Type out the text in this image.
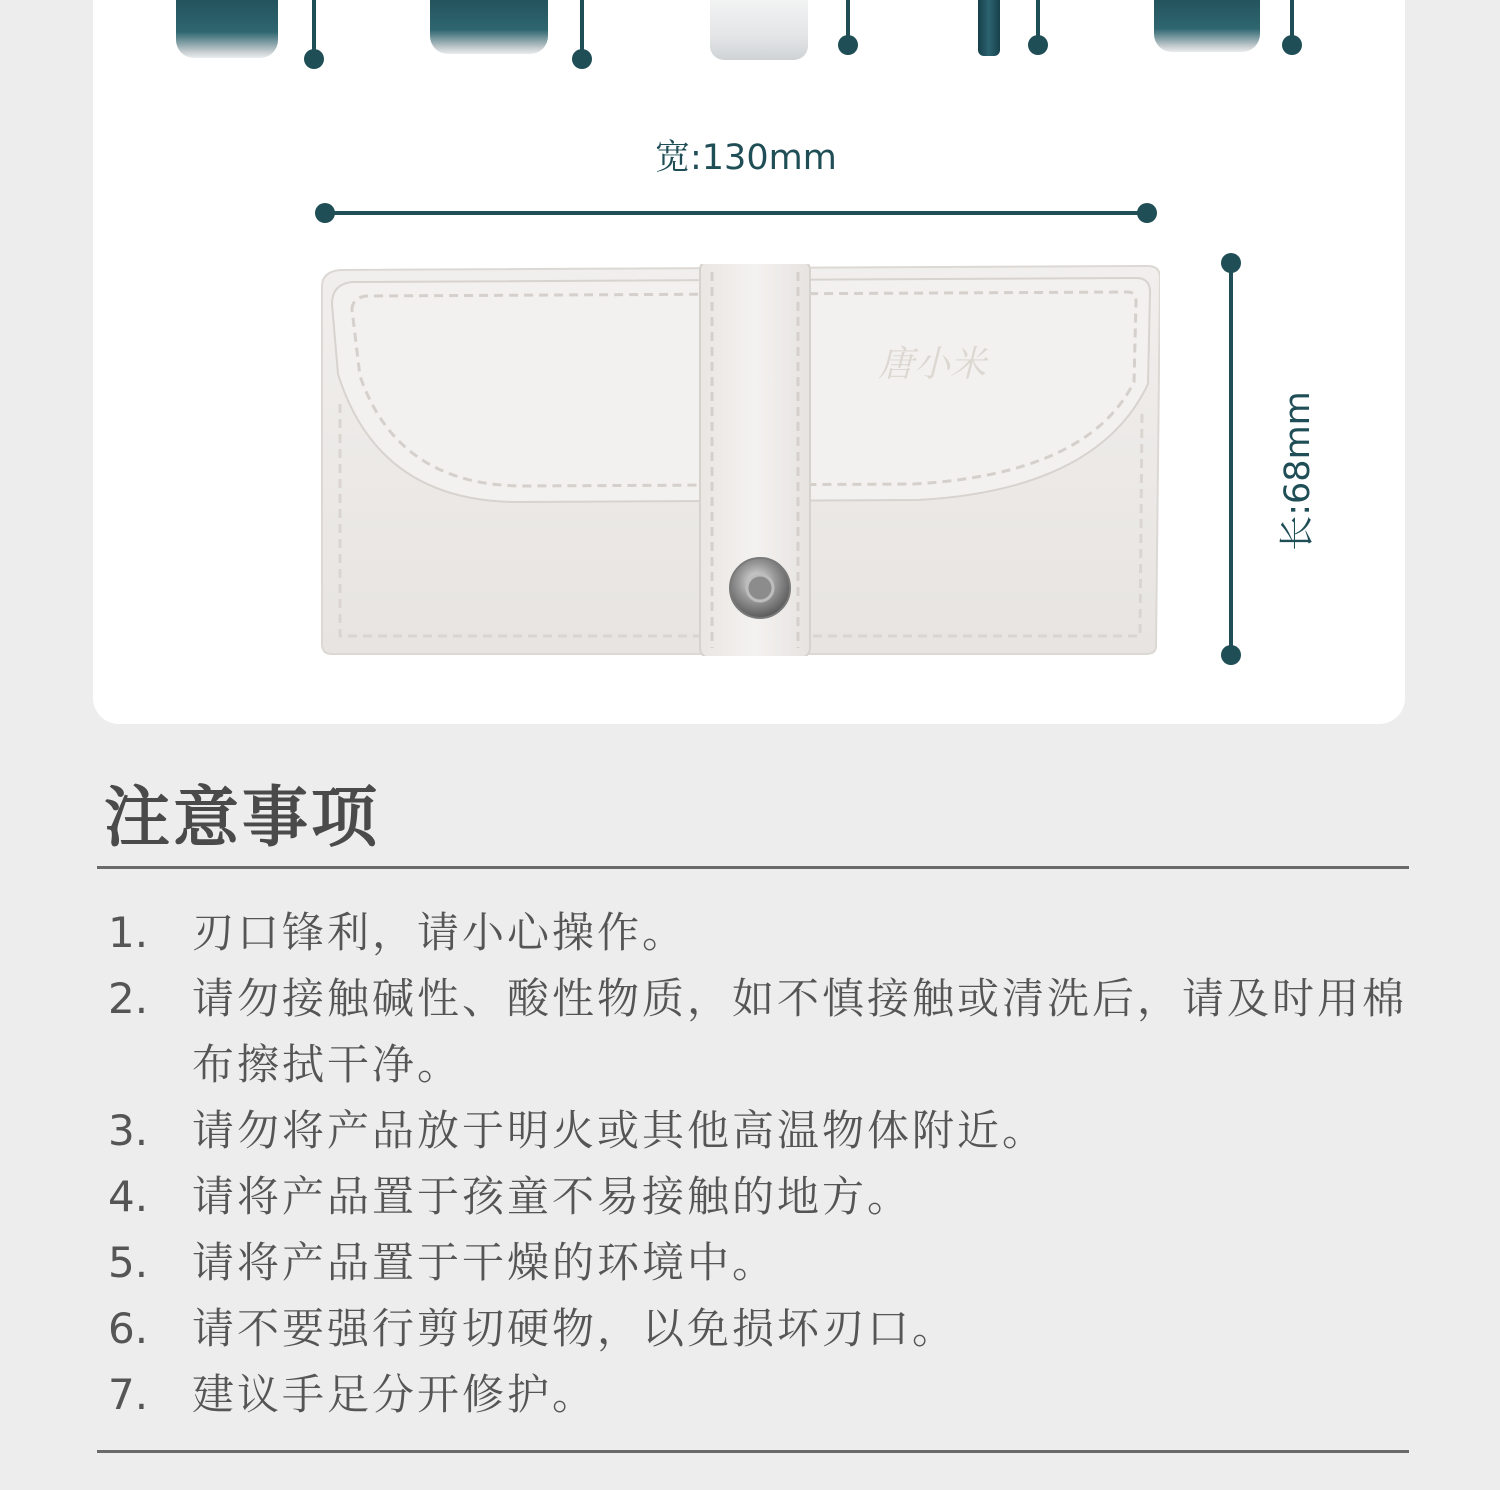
宽:130mm
长:68mm
唐小米
注意事项
1.	刃口锋利，请小心操作。
2.	请勿接触碱性、酸性物质，如不慎接触或清洗后，请及时用棉布擦拭干净。
3.	请勿将产品放于明火或其他高温物体附近。
4.	请将产品置于孩童不易接触的地方。
5.	请将产品置于干燥的环境中。
6.	请不要强行剪切硬物，以免损坏刃口。
7.	建议手足分开修护。
